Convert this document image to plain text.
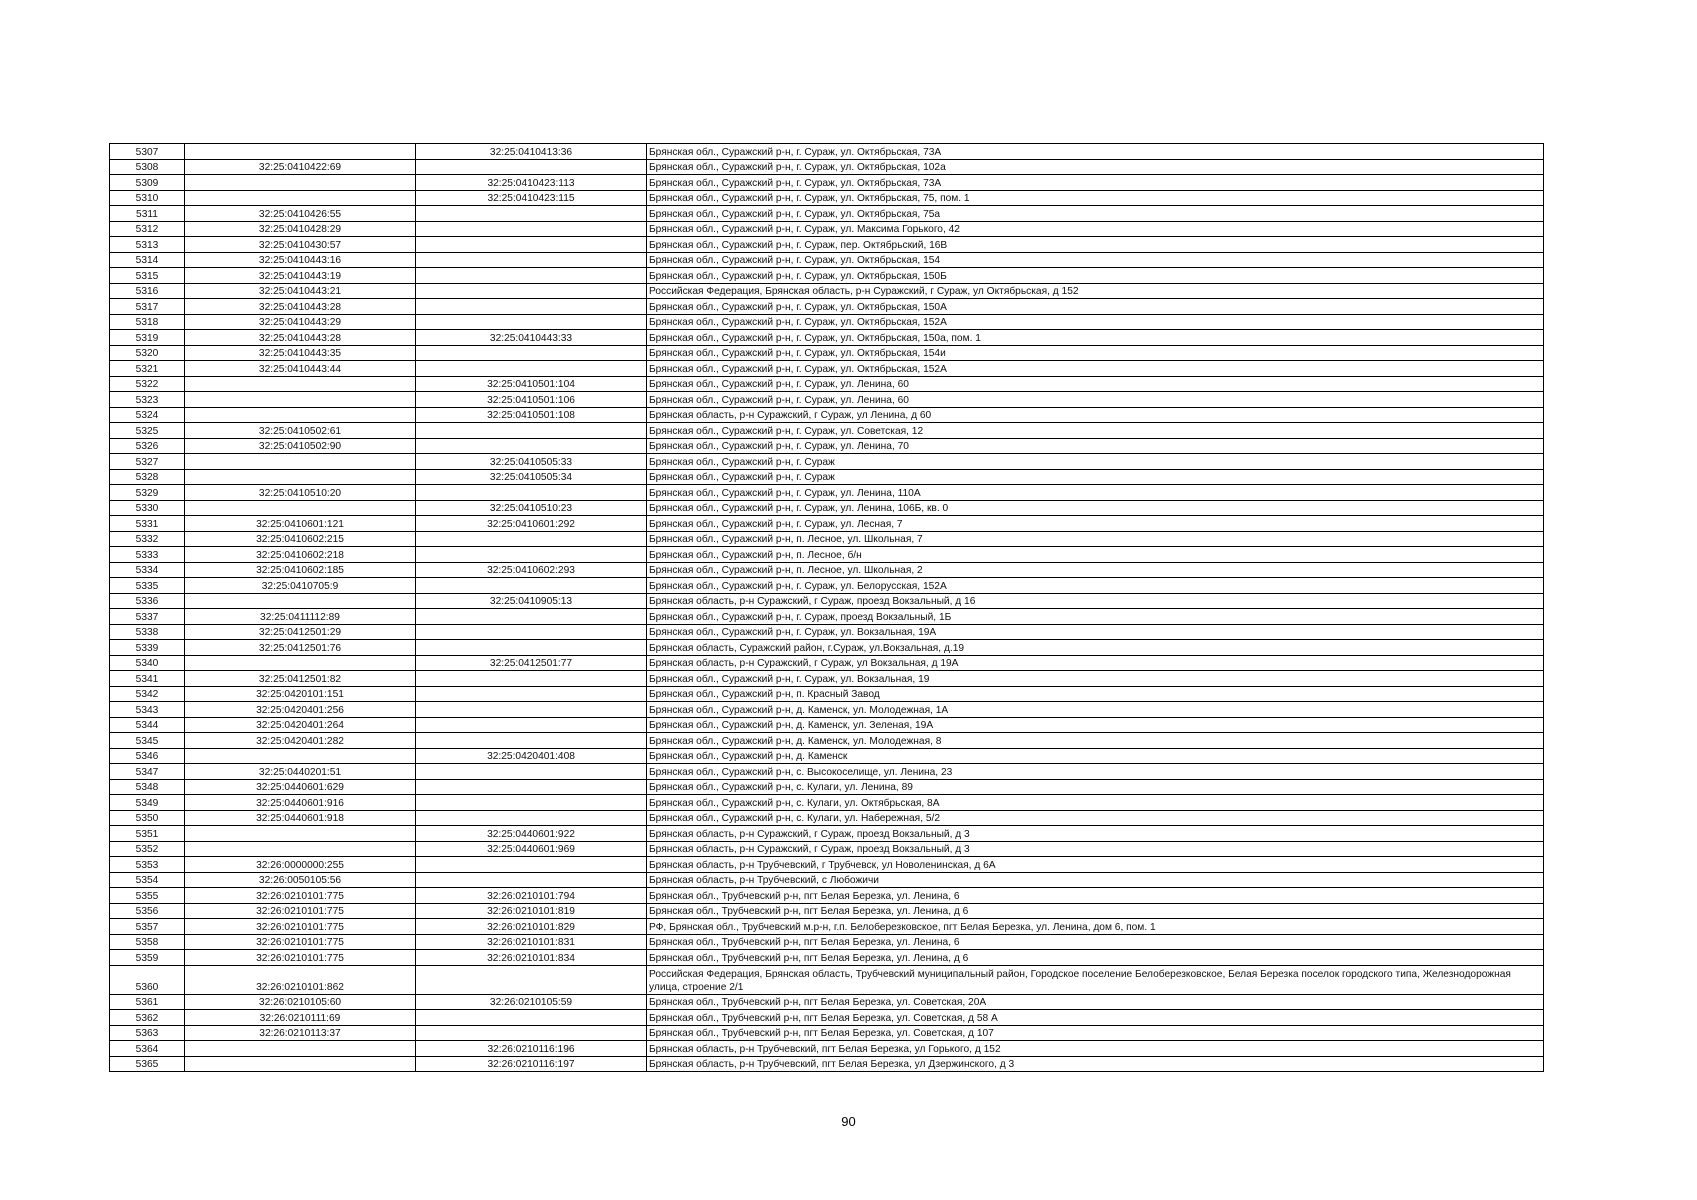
5307		32:25:0410413:36	Брянская обл., Суражский р-н, г. Сураж, ул. Октябрьская, 73А
5308	32:25:0410422:69		Брянская обл., Суражский р-н, г. Сураж, ул. Октябрьская, 102а
5309		32:25:0410423:113	Брянская обл., Суражский р-н, г. Сураж, ул. Октябрьская, 73А
5310		32:25:0410423:115	Брянская обл., Суражский р-н, г. Сураж, ул. Октябрьская, 75, пом. 1
5311	32:25:0410426:55		Брянская обл., Суражский р-н, г. Сураж, ул. Октябрьская, 75а
5312	32:25:0410428:29		Брянская обл., Суражский р-н, г. Сураж, ул. Максима Горького, 42
5313	32:25:0410430:57		Брянская обл., Суражский р-н, г. Сураж, пер. Октябрьский, 16В
5314	32:25:0410443:16		Брянская обл., Суражский р-н, г. Сураж, ул. Октябрьская, 154
5315	32:25:0410443:19		Брянская обл., Суражский р-н, г. Сураж, ул. Октябрьская, 150Б
5316	32:25:0410443:21		Российская Федерация, Брянская область, р-н Суражский, г Сураж, ул Октябрьская, д 152
5317	32:25:0410443:28		Брянская обл., Суражский р-н, г. Сураж, ул. Октябрьская, 150А
5318	32:25:0410443:29		Брянская обл., Суражский р-н, г. Сураж, ул. Октябрьская, 152А
5319	32:25:0410443:28	32:25:0410443:33	Брянская обл., Суражский р-н, г. Сураж, ул. Октябрьская, 150а, пом. 1
5320	32:25:0410443:35		Брянская обл., Суражский р-н, г. Сураж, ул. Октябрьская, 154и
5321	32:25:0410443:44		Брянская обл., Суражский р-н, г. Сураж, ул. Октябрьская, 152А
5322		32:25:0410501:104	Брянская обл., Суражский р-н, г. Сураж, ул. Ленина, 60
5323		32:25:0410501:106	Брянская обл., Суражский р-н, г. Сураж, ул. Ленина, 60
5324		32:25:0410501:108	Брянская область, р-н Суражский, г Сураж, ул Ленина, д 60
5325	32:25:0410502:61		Брянская обл., Суражский р-н, г. Сураж, ул. Советская, 12
5326	32:25:0410502:90		Брянская обл., Суражский р-н, г. Сураж, ул. Ленина, 70
5327		32:25:0410505:33	Брянская обл., Суражский р-н, г. Сураж
5328		32:25:0410505:34	Брянская обл., Суражский р-н, г. Сураж
5329	32:25:0410510:20		Брянская обл., Суражский р-н, г. Сураж, ул. Ленина, 110А
5330		32:25:0410510:23	Брянская обл., Суражский р-н, г. Сураж, ул. Ленина, 106Б, кв. 0
5331	32:25:0410601:121	32:25:0410601:292	Брянская обл., Суражский р-н, г. Сураж, ул. Лесная, 7
5332	32:25:0410602:215		Брянская обл., Суражский р-н, п. Лесное, ул. Школьная, 7
5333	32:25:0410602:218		Брянская обл., Суражский р-н, п. Лесное, б/н
5334	32:25:0410602:185	32:25:0410602:293	Брянская обл., Суражский р-н, п. Лесное, ул. Школьная, 2
5335	32:25:0410705:9		Брянская обл., Суражский р-н, г. Сураж, ул. Белорусская, 152А
5336		32:25:0410905:13	Брянская область, р-н Суражский, г Сураж, проезд Вокзальный, д 16
5337	32:25:0411112:89		Брянская обл., Суражский р-н, г. Сураж, проезд Вокзальный, 1Б
5338	32:25:0412501:29		Брянская обл., Суражский р-н, г. Сураж, ул. Вокзальная, 19А
5339	32:25:0412501:76		Брянская область, Суражский район, г.Сураж, ул.Вокзальная, д.19
5340		32:25:0412501:77	Брянская область, р-н Суражский, г Сураж, ул Вокзальная, д 19А
5341	32:25:0412501:82		Брянская обл., Суражский р-н, г. Сураж, ул. Вокзальная, 19
5342	32:25:0420101:151		Брянская обл., Суражский р-н, п. Красный Завод
5343	32:25:0420401:256		Брянская обл., Суражский р-н, д. Каменск, ул. Молодежная, 1А
5344	32:25:0420401:264		Брянская обл., Суражский р-н, д. Каменск, ул. Зеленая, 19А
5345	32:25:0420401:282		Брянская обл., Суражский р-н, д. Каменск, ул. Молодежная, 8
5346		32:25:0420401:408	Брянская обл., Суражский р-н, д. Каменск
5347	32:25:0440201:51		Брянская обл., Суражский р-н, с. Высокоселище, ул. Ленина, 23
5348	32:25:0440601:629		Брянская обл., Суражский р-н, с. Кулаги, ул. Ленина, 89
5349	32:25:0440601:916		Брянская обл., Суражский р-н, с. Кулаги, ул. Октябрьская, 8А
5350	32:25:0440601:918		Брянская обл., Суражский р-н, с. Кулаги, ул. Набережная, 5/2
5351		32:25:0440601:922	Брянская область, р-н Суражский, г Сураж, проезд Вокзальный, д 3
5352		32:25:0440601:969	Брянская область, р-н Суражский, г Сураж, проезд Вокзальный, д 3
5353	32:26:0000000:255		Брянская область, р-н Трубчевский, г Трубчевск, ул Новоленинская, д 6А
5354	32:26:0050105:56		Брянская область, р-н Трубчевский, с Любожичи
5355	32:26:0210101:775	32:26:0210101:794	Брянская обл., Трубчевский р-н, пгт Белая Березка, ул. Ленина, 6
5356	32:26:0210101:775	32:26:0210101:819	Брянская обл., Трубчевский р-н, пгт Белая Березка, ул. Ленина, д 6
5357	32:26:0210101:775	32:26:0210101:829	РФ, Брянская обл., Трубчевский м.р-н, г.п. Белоберезковское, пгт Белая Березка, ул. Ленина, дом 6, пом. 1
5358	32:26:0210101:775	32:26:0210101:831	Брянская обл., Трубчевский р-н, пгт Белая Березка, ул. Ленина, 6
5359	32:26:0210101:775	32:26:0210101:834	Брянская обл., Трубчевский р-н, пгт Белая Березка, ул. Ленина, д 6
5360	32:26:0210101:862		Российская Федерация, Брянская область, Трубчевский муниципальный район, Городское поселение Белоберезковское, Белая Березка поселок городского типа, Железнодорожная улица, строение 2/1
5361	32:26:0210105:60	32:26:0210105:59	Брянская обл., Трубчевский р-н, пгт Белая Березка, ул. Советская, 20А
5362	32:26:0210111:69		Брянская обл., Трубчевский р-н, пгт Белая Березка, ул. Советская, д 58 А
5363	32:26:0210113:37		Брянская обл., Трубчевский р-н, пгт Белая Березка, ул. Советская, д 107
5364		32:26:0210116:196	Брянская область, р-н Трубчевский, пгт Белая Березка, ул Горького, д 152
5365		32:26:0210116:197	Брянская область, р-н Трубчевский, пгт Белая Березка, ул Дзержинского, д 3
90
